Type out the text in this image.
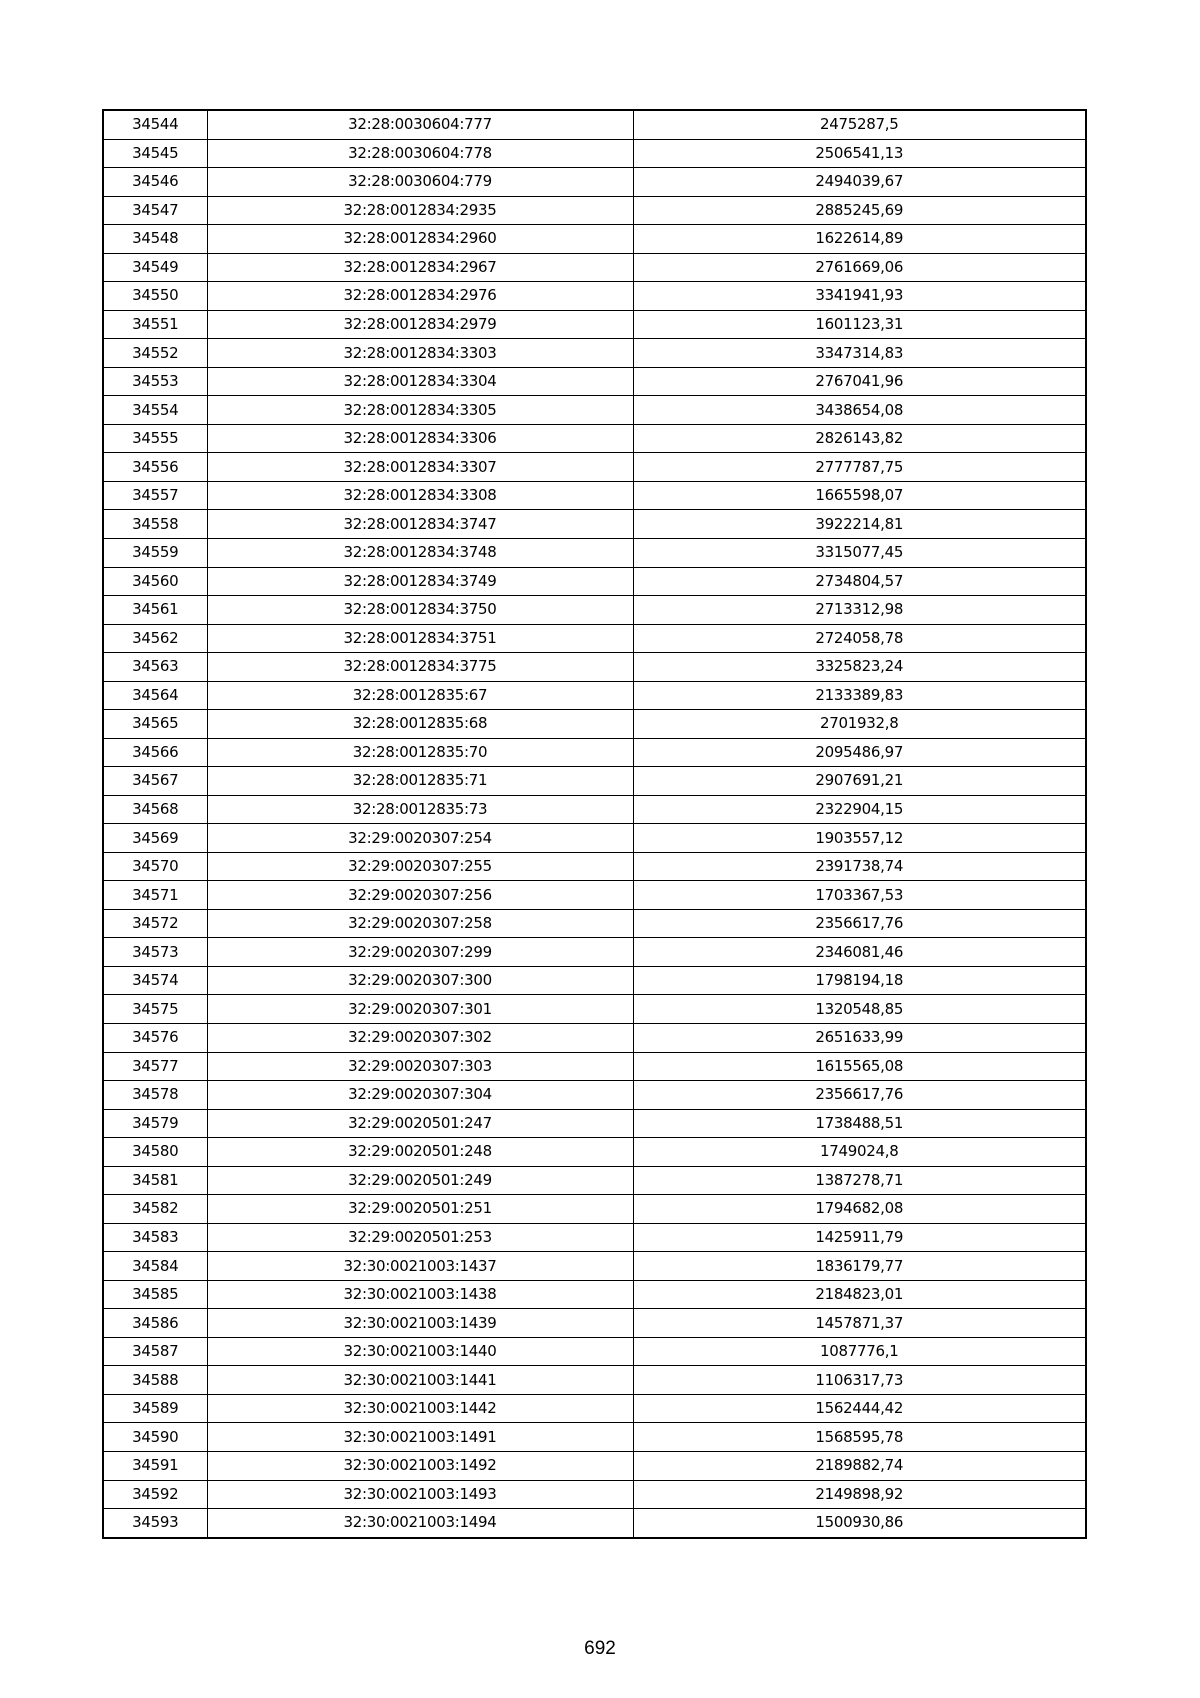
34544	32:28:0030604:777	2475287,5
34545	32:28:0030604:778	2506541,13
34546	32:28:0030604:779	2494039,67
34547	32:28:0012834:2935	2885245,69
34548	32:28:0012834:2960	1622614,89
34549	32:28:0012834:2967	2761669,06
34550	32:28:0012834:2976	3341941,93
34551	32:28:0012834:2979	1601123,31
34552	32:28:0012834:3303	3347314,83
34553	32:28:0012834:3304	2767041,96
34554	32:28:0012834:3305	3438654,08
34555	32:28:0012834:3306	2826143,82
34556	32:28:0012834:3307	2777787,75
34557	32:28:0012834:3308	1665598,07
34558	32:28:0012834:3747	3922214,81
34559	32:28:0012834:3748	3315077,45
34560	32:28:0012834:3749	2734804,57
34561	32:28:0012834:3750	2713312,98
34562	32:28:0012834:3751	2724058,78
34563	32:28:0012834:3775	3325823,24
34564	32:28:0012835:67	2133389,83
34565	32:28:0012835:68	2701932,8
34566	32:28:0012835:70	2095486,97
34567	32:28:0012835:71	2907691,21
34568	32:28:0012835:73	2322904,15
34569	32:29:0020307:254	1903557,12
34570	32:29:0020307:255	2391738,74
34571	32:29:0020307:256	1703367,53
34572	32:29:0020307:258	2356617,76
34573	32:29:0020307:299	2346081,46
34574	32:29:0020307:300	1798194,18
34575	32:29:0020307:301	1320548,85
34576	32:29:0020307:302	2651633,99
34577	32:29:0020307:303	1615565,08
34578	32:29:0020307:304	2356617,76
34579	32:29:0020501:247	1738488,51
34580	32:29:0020501:248	1749024,8
34581	32:29:0020501:249	1387278,71
34582	32:29:0020501:251	1794682,08
34583	32:29:0020501:253	1425911,79
34584	32:30:0021003:1437	1836179,77
34585	32:30:0021003:1438	2184823,01
34586	32:30:0021003:1439	1457871,37
34587	32:30:0021003:1440	1087776,1
34588	32:30:0021003:1441	1106317,73
34589	32:30:0021003:1442	1562444,42
34590	32:30:0021003:1491	1568595,78
34591	32:30:0021003:1492	2189882,74
34592	32:30:0021003:1493	2149898,92
34593	32:30:0021003:1494	1500930,86
692
